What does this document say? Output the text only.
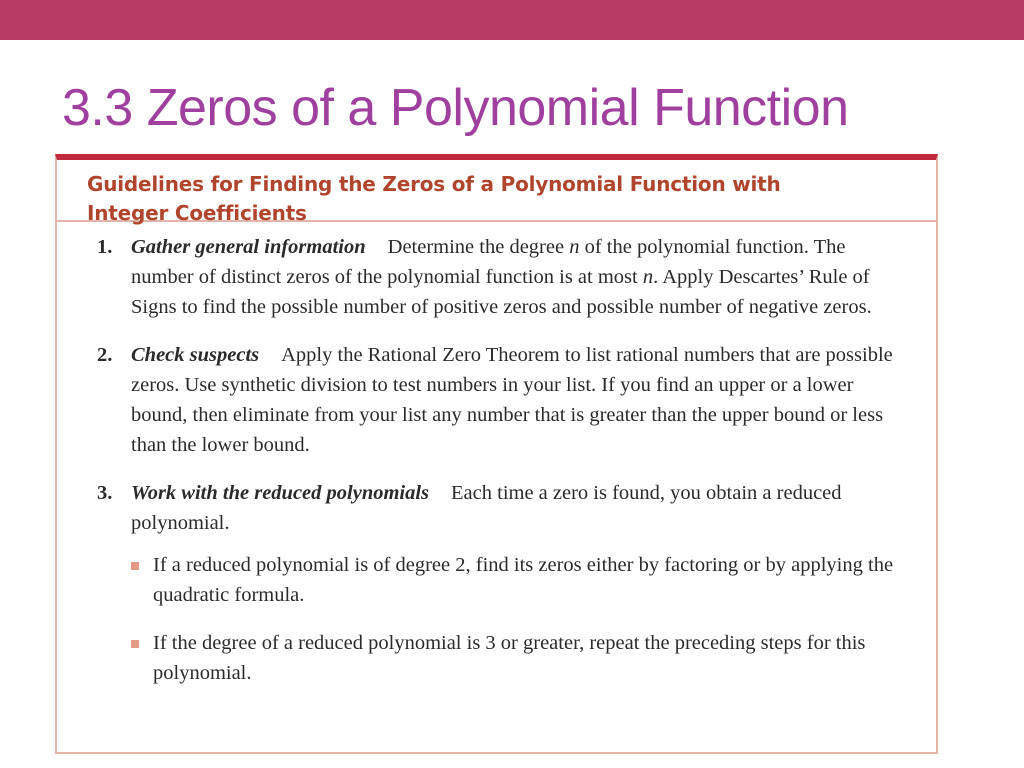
3.3 Zeros of a Polynomial Function

Guidelines for Finding the Zeros of a Polynomial Function with
Integer Coefficients

1. Gather general information Determine the degree n of the polynomial function. The number of distinct zeros of the polynomial function is at most n. Apply Descartes’ Rule of Signs to find the possible number of positive zeros and possible number of negative zeros.
2. Check suspects Apply the Rational Zero Theorem to list rational numbers that are possible zeros. Use synthetic division to test numbers in your list. If you find an upper or a lower bound, then eliminate from your list any number that is greater than the upper bound or less than the lower bound.
3. Work with the reduced polynomials Each time a zero is found, you obtain a reduced polynomial.
If a reduced polynomial is of degree 2, find its zeros either by factoring or by applying the quadratic formula.
If the degree of a reduced polynomial is 3 or greater, repeat the preceding steps for this polynomial.
